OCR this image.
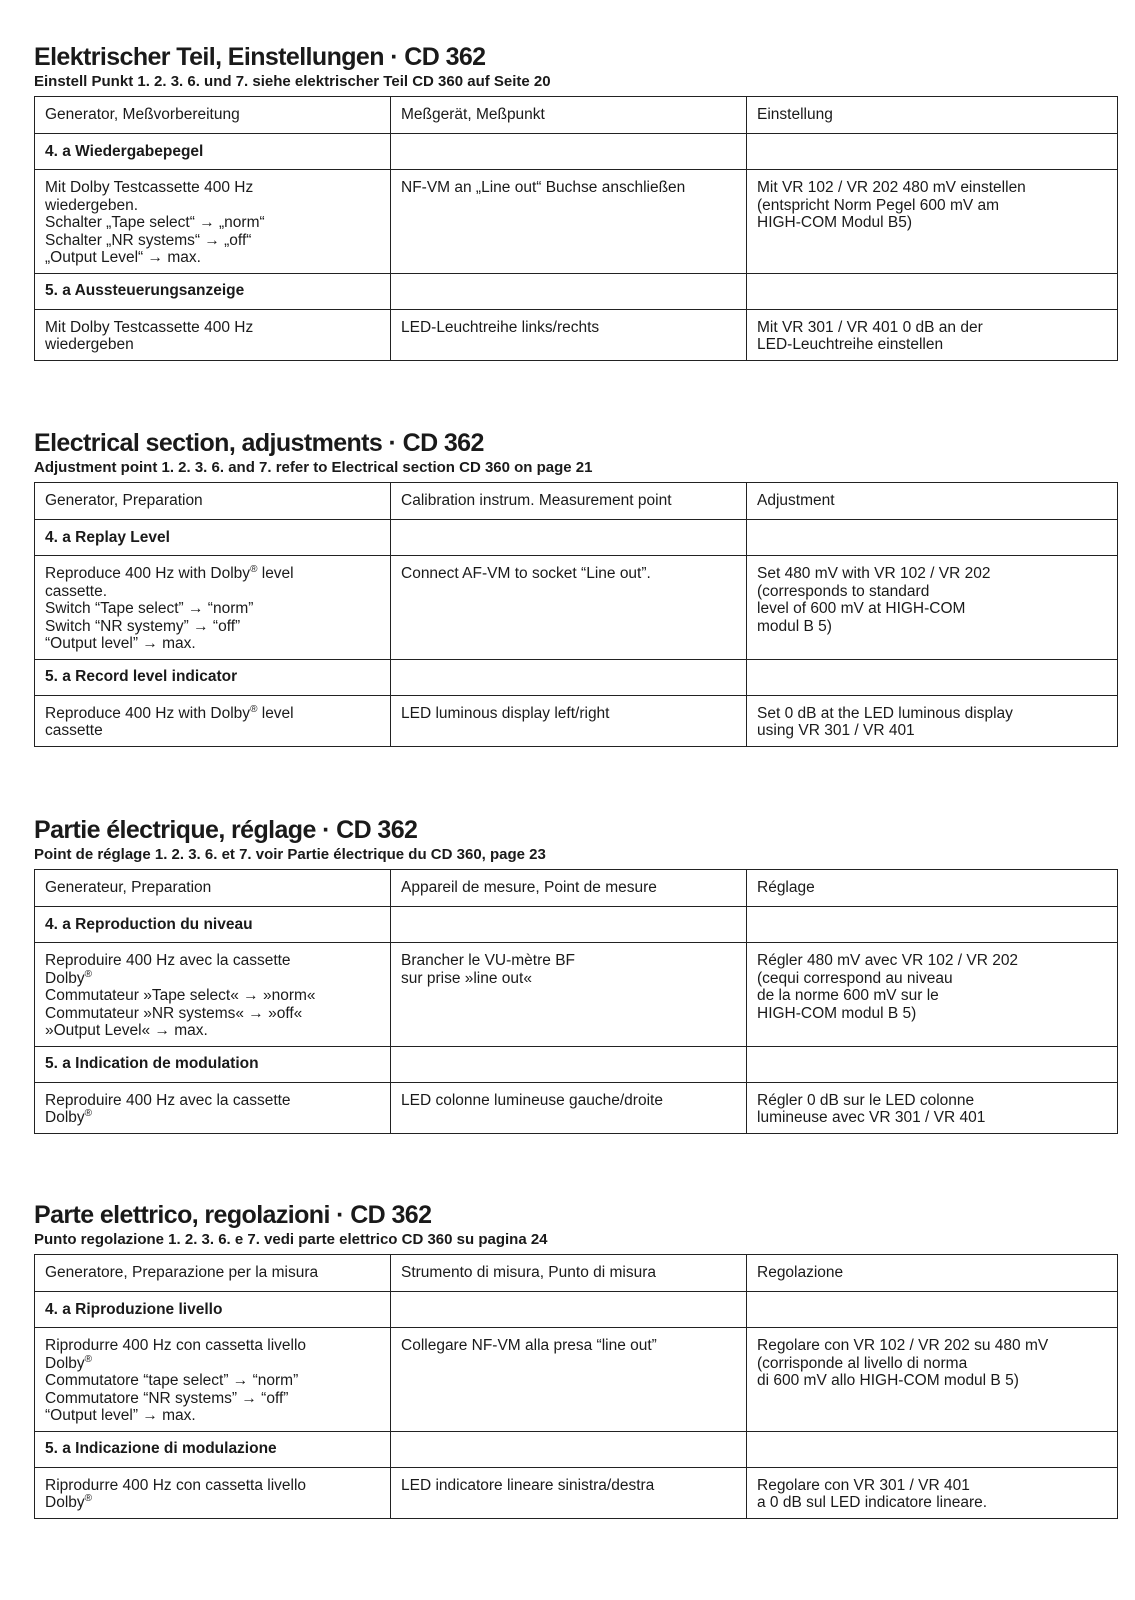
Elektrischer Teil, Einstellungen · CD 362

Einstell Punkt 1. 2. 3. 6. und 7. siehe elektrischer Teil CD 360 auf Seite 20

Generator, Meßvorbereitung	Meßgerät, Meßpunkt	Einstellung
4. a Wiedergabepegel		

Mit Dolby Testcassette 400 Hz
wiedergeben.
Schalter „Tape select“ → „norm“
Schalter „NR systems“ → „off“
„Output Level“ → max.	NF-VM an „Line out“ Buchse anschließen	Mit VR 102 / VR 202 480 mV einstellen
(entspricht Norm Pegel 600 mV am
HIGH-COM Modul B5)

5. a Aussteuerungsanzeige		

Mit Dolby Testcassette 400 Hz
wiedergeben	LED-Leuchtreihe links/rechts	Mit VR 301 / VR 401 0 dB an der
LED-Leuchtreihe einstellen
Electrical section, adjustments · CD 362

Adjustment point 1. 2. 3. 6. and 7. refer to Electrical section CD 360 on page 21

Generator, Preparation	Calibration instrum. Measurement point	Adjustment
4. a Replay Level		

Reproduce 400 Hz with Dolby® level
cassette.
Switch “Tape select” → “norm”
Switch “NR systemy” → “off”
“Output level” → max.	Connect AF-VM to socket “Line out”.	Set 480 mV with VR 102 / VR 202
(corresponds to standard
level of 600 mV at HIGH-COM
modul B 5)

5. a Record level indicator		

Reproduce 400 Hz with Dolby® level
cassette	LED luminous display left/right	Set 0 dB at the LED luminous display
using VR 301 / VR 401
Partie électrique, réglage · CD 362

Point de réglage 1. 2. 3. 6. et 7. voir Partie électrique du CD 360, page 23

Generateur, Preparation	Appareil de mesure, Point de mesure	Réglage
4. a Reproduction du niveau		

Reproduire 400 Hz avec la cassette
Dolby®
Commutateur »Tape select« → »norm«
Commutateur »NR systems« → »off«
»Output Level« → max.	Brancher le VU-mètre BF
sur prise »line out«	Régler 480 mV avec VR 102 / VR 202
(cequi correspond au niveau
de la norme 600 mV sur le
HIGH-COM modul B 5)

5. a Indication de modulation		

Reproduire 400 Hz avec la cassette
Dolby®	LED colonne lumineuse gauche/droite	Régler 0 dB sur le LED colonne
lumineuse avec VR 301 / VR 401
Parte elettrico, regolazioni · CD 362

Punto regolazione 1. 2. 3. 6. e 7. vedi parte elettrico CD 360 su pagina 24

Generatore, Preparazione per la misura	Strumento di misura, Punto di misura	Regolazione
4. a Riproduzione livello		

Riprodurre 400 Hz con cassetta livello
Dolby®
Commutatore “tape select” → “norm”
Commutatore “NR systems” → “off”
“Output level” → max.	Collegare NF-VM alla presa “line out”	Regolare con VR 102 / VR 202 su 480 mV
(corrisponde al livello di norma
di 600 mV allo HIGH-COM modul B 5)

5. a Indicazione di modulazione		

Riprodurre 400 Hz con cassetta livello
Dolby®	LED indicatore lineare sinistra/destra	Regolare con VR 301 / VR 401
a 0 dB sul LED indicatore lineare.
